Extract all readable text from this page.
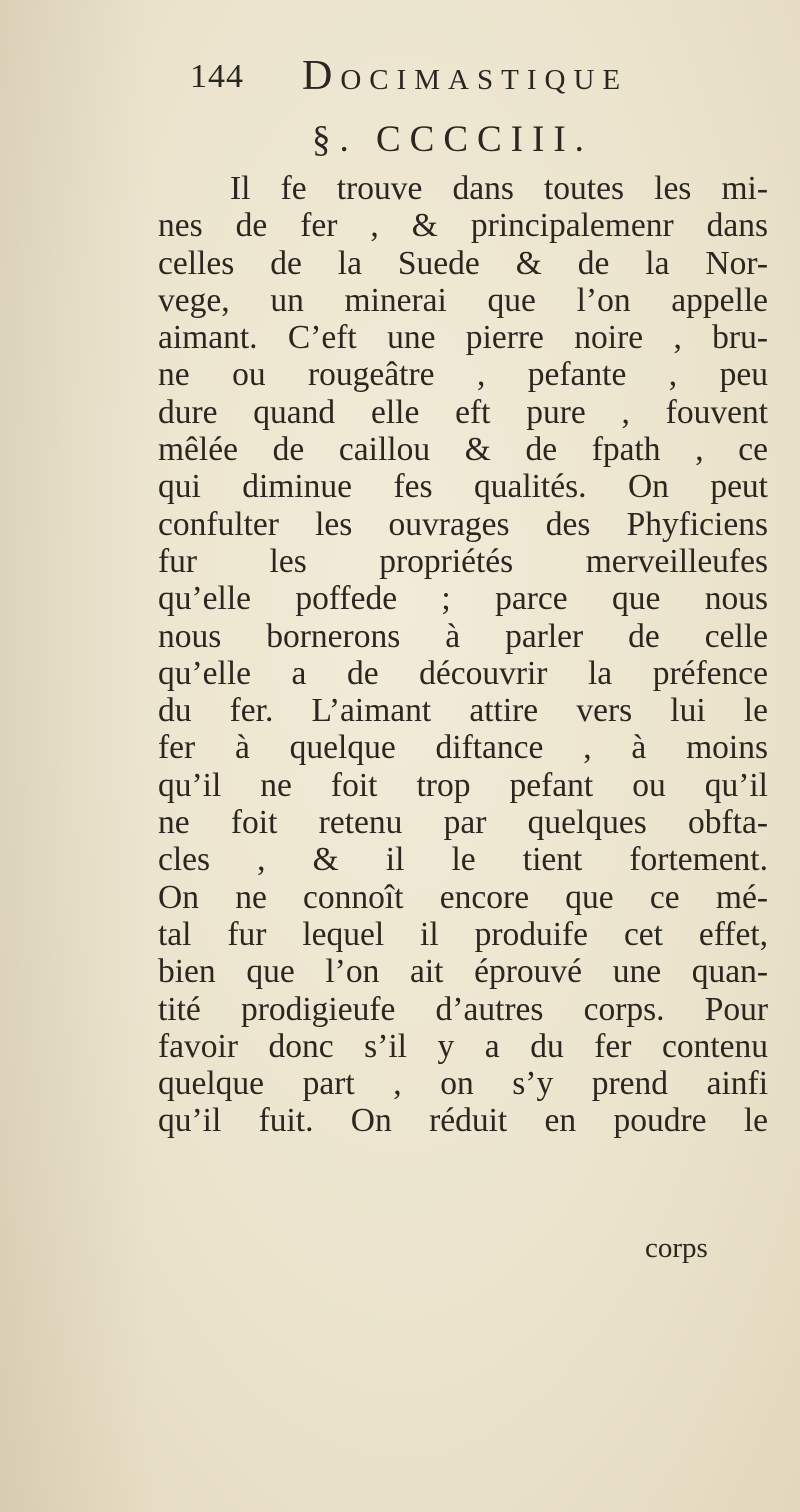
144 Docimastique
§. CCCCIII.
Il fe trouve dans toutes les mi-
nes de fer , & principalemenr dans
celles de la Suede & de la Nor-
vege, un minerai que l’on appelle
aimant. C’eft une pierre noire , bru-
ne ou rougeâtre , pefante , peu
dure quand elle eft pure , fouvent
mêlée de caillou & de fpath , ce
qui diminue fes qualités. On peut
confulter les ouvrages des Phyficiens
fur les propriétés merveilleufes
qu’elle poffede ; parce que nous
nous bornerons à parler de celle
qu’elle a de découvrir la préfence
du fer. L’aimant attire vers lui le
fer à quelque diftance , à moins
qu’il ne foit trop pefant ou qu’il
ne foit retenu par quelques obfta-
cles , & il le tient fortement.
On ne connoît encore que ce mé-
tal fur lequel il produife cet effet,
bien que l’on ait éprouvé une quan-
tité prodigieufe d’autres corps. Pour
favoir donc s’il y a du fer contenu
quelque part , on s’y prend ainfi
qu’il fuit. On réduit en poudre le
corps
